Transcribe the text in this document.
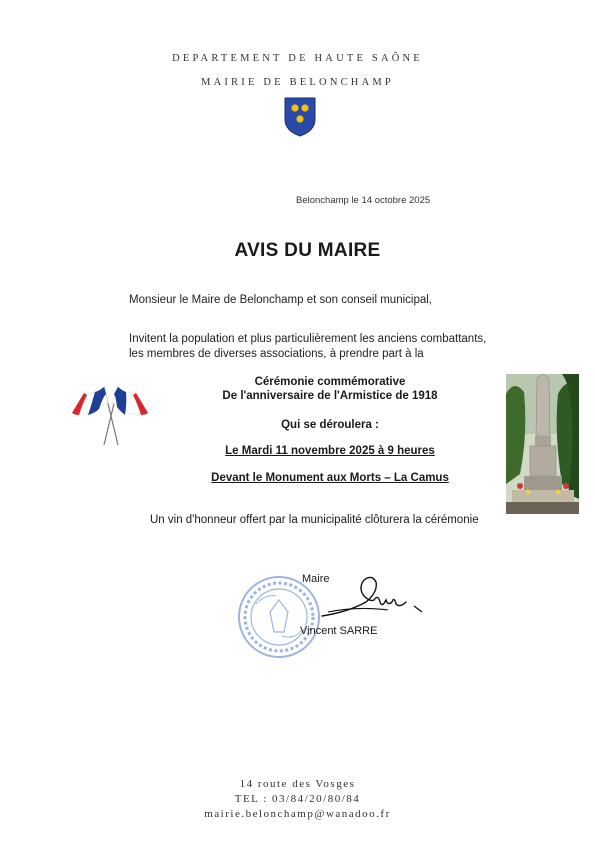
DEPARTEMENT DE HAUTE SAÔNE
MAIRIE DE BELONCHAMP
Belonchamp le 14 octobre 2025
AVIS DU MAIRE
Monsieur le Maire de Belonchamp et son conseil municipal,
Invitent la population et plus particulièrement les anciens combattants,
les membres de diverses associations, à prendre part à la
Cérémonie commémorative
De l'anniversaire de l'Armistice de 1918
Qui se déroulera :
Le Mardi 11 novembre 2025 à 9 heures
Devant le Monument aux Morts – La Camus
Un vin d'honneur offert par la municipalité clôturera la cérémonie
Maire
Vincent SARRE
14 route des Vosges
TEL : 03/84/20/80/84
mairie.belonchamp@wanadoo.fr
